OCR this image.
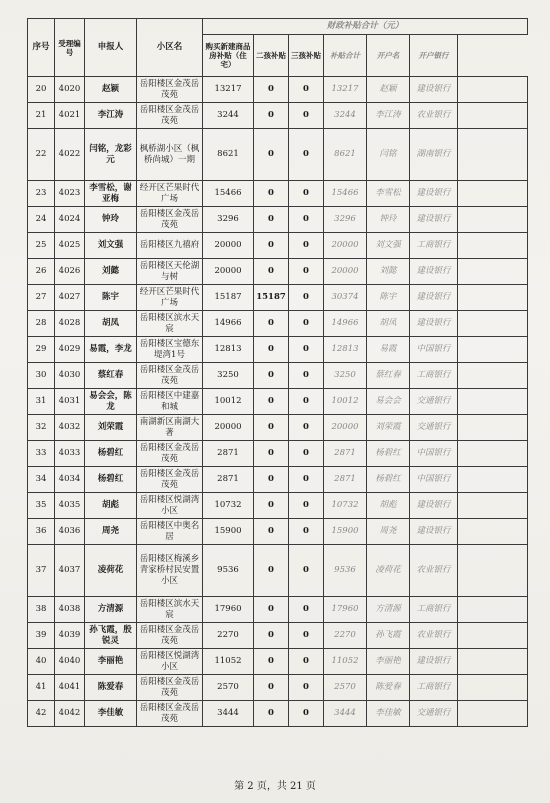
序号	受理编号	申报人	小区名	财政补贴合计（元）						
				购买新建商品房补贴（住宅）	二孩补贴	三孩补贴	补贴合计	开户名	开户银行	
20	4020	赵颖	岳阳楼区金茂岳茂苑	13217	0	0	13217	赵颖	建设银行	
21	4021	李江涛	岳阳楼区金茂岳茂苑	3244	0	0	3244	李江涛	农业银行	
22	4022	闫铭，龙彩元	枫桥湖小区（枫桥尚城）一期	8621	0	0	8621	闫铭	湖南银行	
23	4023	李雪松，谢亚梅	经开区芒果时代广场	15466	0	0	15466	李雪松	建设银行	
24	4024	钟玲	岳阳楼区金茂岳茂苑	3296	0	0	3296	钟玲	建设银行	
25	4025	刘文强	岳阳楼区九禧府	20000	0	0	20000	刘文强	工商银行	
26	4026	刘懿	岳阳楼区天伦湖与树	20000	0	0	20000	刘懿	建设银行	
27	4027	陈宇	经开区芒果时代广场	15187	15187	0	30374	陈宇	建设银行	
28	4028	胡凤	岳阳楼区滨水天宸	14966	0	0	14966	胡凤	建设银行	
29	4029	易霞，李龙	岳阳楼区宝德东堤湾1号	12813	0	0	12813	易霞	中国银行	
30	4030	蔡红春	岳阳楼区金茂岳茂苑	3250	0	0	3250	蔡红春	工商银行	
31	4031	易会会，陈龙	岳阳楼区中建嘉和城	10012	0	0	10012	易会会	交通银行	
32	4032	刘荣霞	南湖新区南湖大著	20000	0	0	20000	刘荣霞	交通银行	
33	4033	杨碧红	岳阳楼区金茂岳茂苑	2871	0	0	2871	杨碧红	中国银行	
34	4034	杨碧红	岳阳楼区金茂岳茂苑	2871	0	0	2871	杨碧红	中国银行	
35	4035	胡彪	岳阳楼区悦湖湾小区	10732	0	0	10732	胡彪	建设银行	
36	4036	周尧	岳阳楼区中奥名居	15900	0	0	15900	周尧	建设银行	
37	4037	凌荷花	岳阳楼区梅溪乡青家桥村民安置小区	9536	0	0	9536	凌荷花	农业银行	
38	4038	方清源	岳阳楼区滨水天宸	17960	0	0	17960	方清源	工商银行	
39	4039	孙飞霞，殷锐灵	岳阳楼区金茂岳茂苑	2270	0	0	2270	孙飞霞	农业银行	
40	4040	李丽艳	岳阳楼区悦湖湾小区	11052	0	0	11052	李丽艳	建设银行	
41	4041	陈爱春	岳阳楼区金茂岳茂苑	2570	0	0	2570	陈爱春	工商银行	
42	4042	李佳敏	岳阳楼区金茂岳茂苑	3444	0	0	3444	李佳敏	交通银行	
第 2 页，共 21 页
